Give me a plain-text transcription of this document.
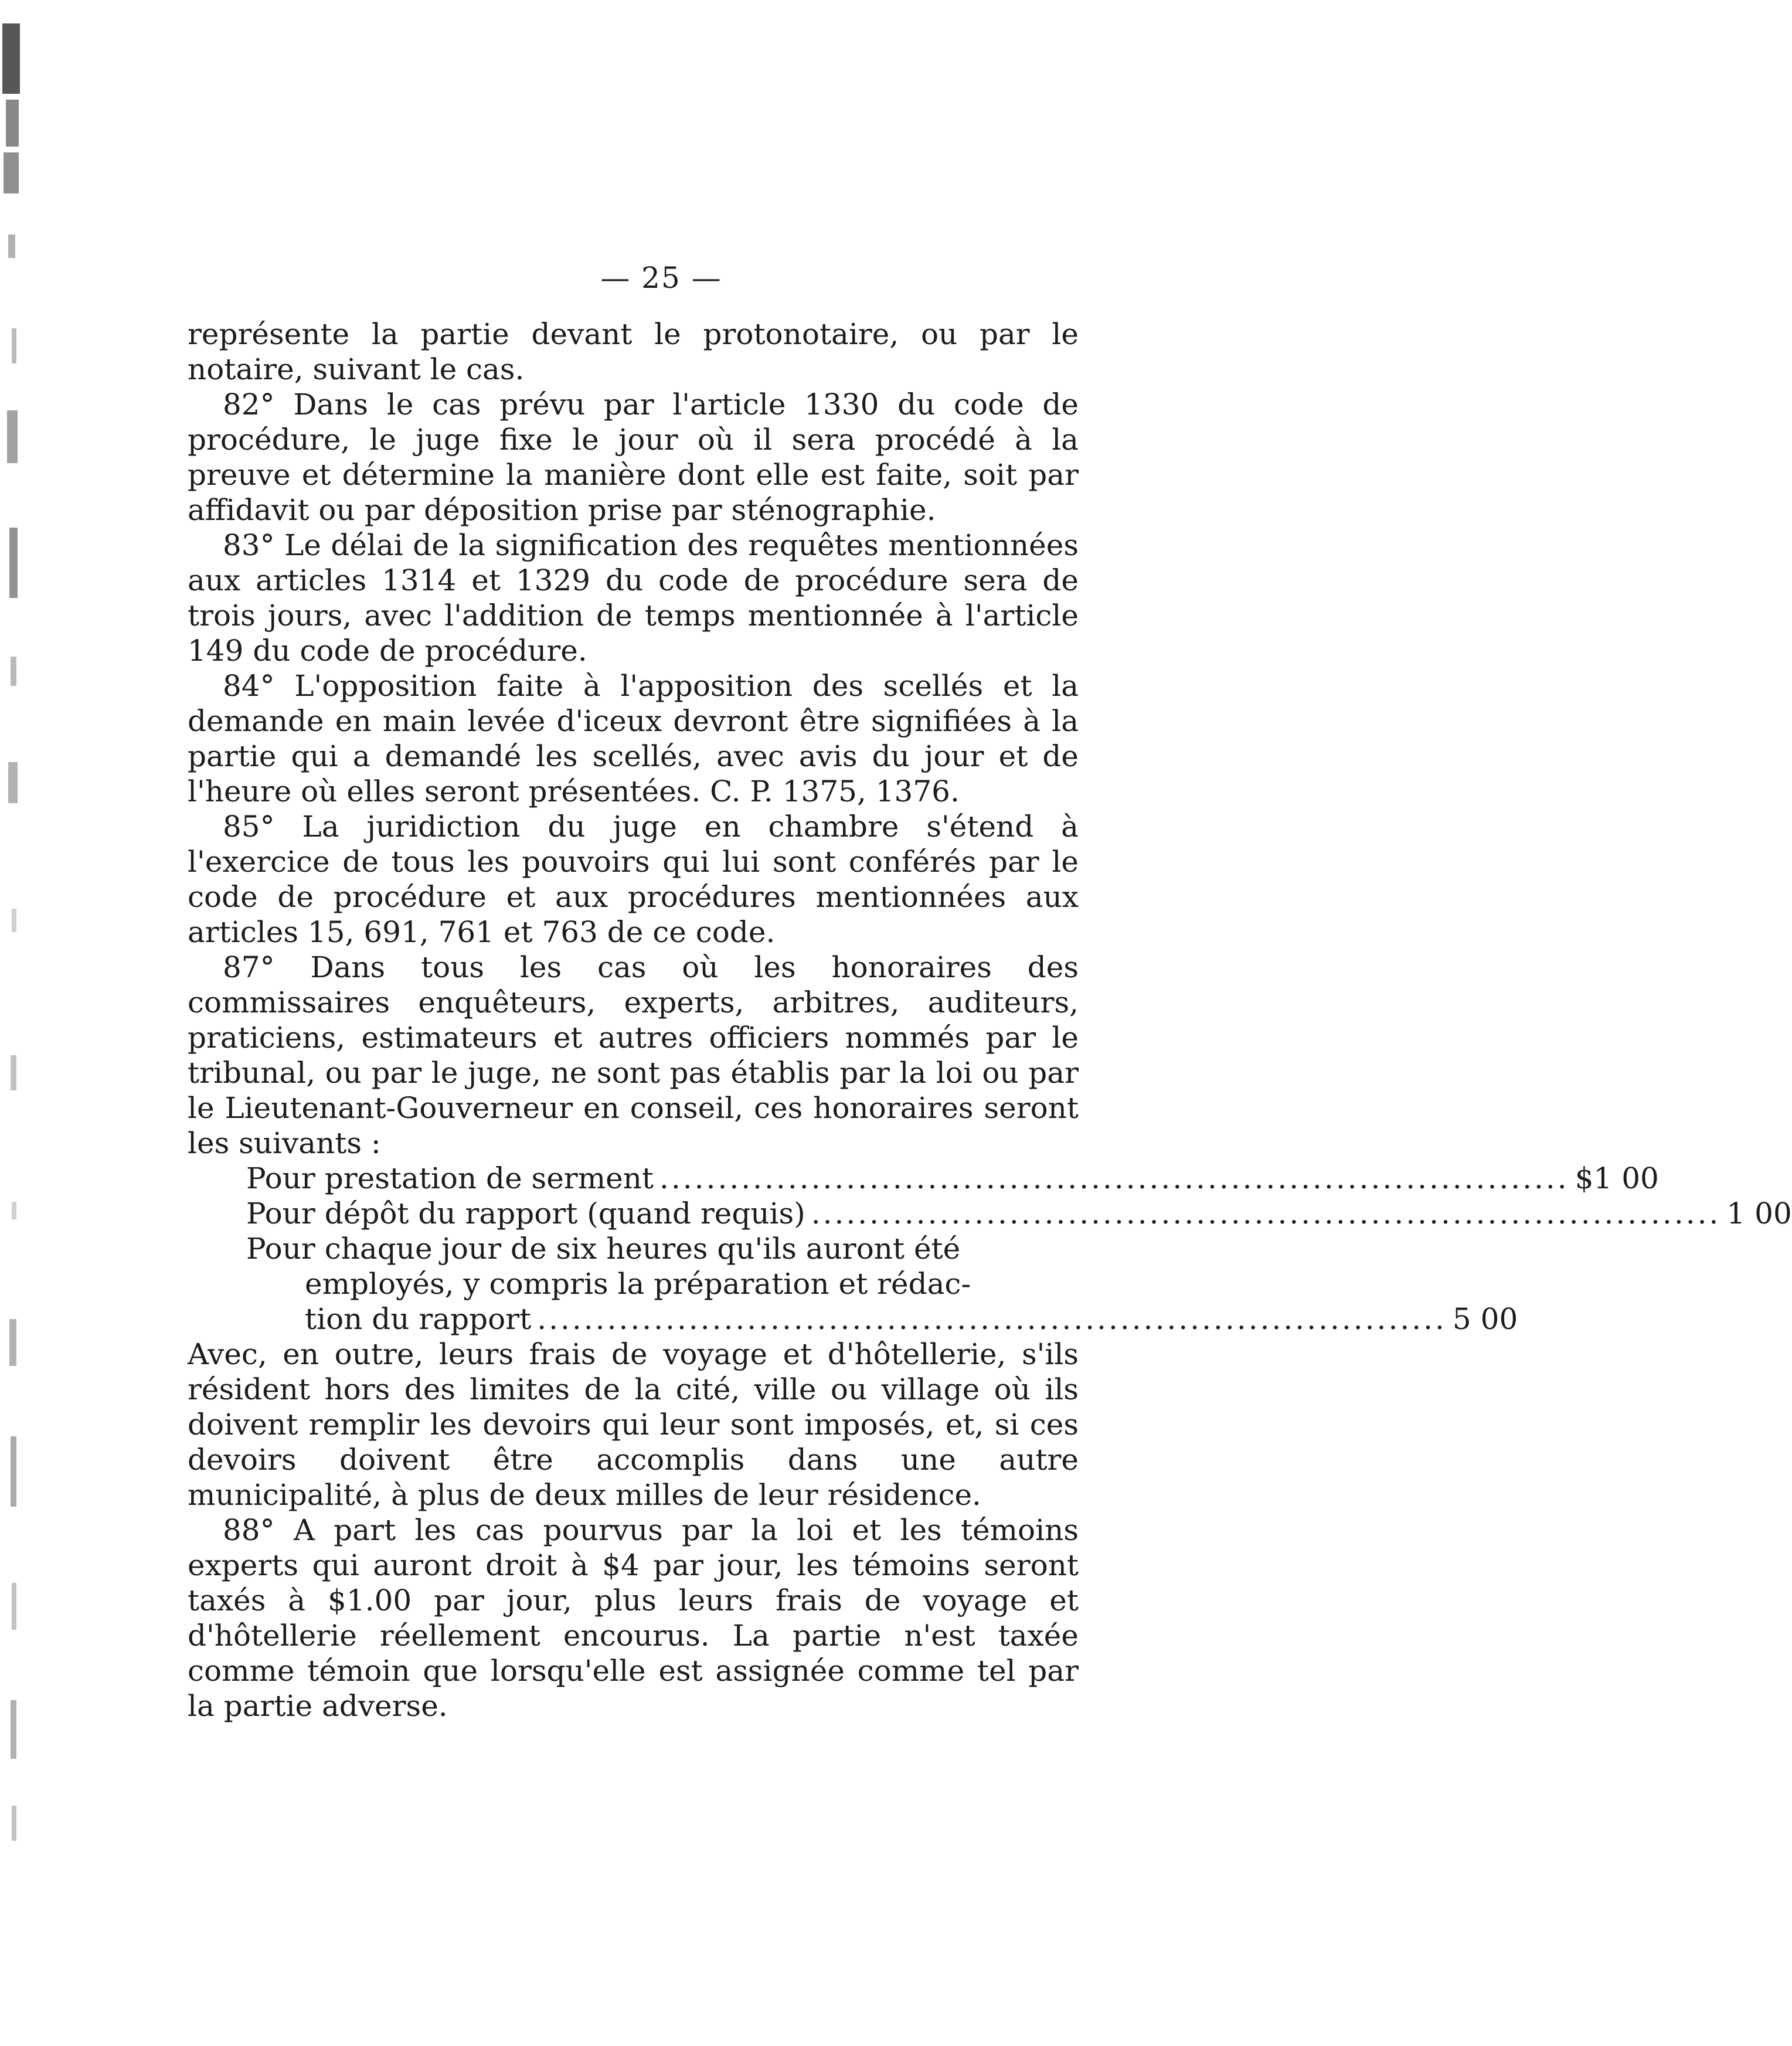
— 25 —

représente la partie devant le protonotaire, ou par le notaire, suivant le cas.

82° Dans le cas prévu par l'article 1330 du code de procédure, le juge fixe le jour où il sera procédé à la preuve et détermine la manière dont elle est faite, soit par affidavit ou par déposition prise par sténographie.

83° Le délai de la signification des requêtes mentionnées aux articles 1314 et 1329 du code de procédure sera de trois jours, avec l'addition de temps mentionnée à l'article 149 du code de procédure.

84° L'opposition faite à l'apposition des scellés et la demande en main levée d'iceux devront être signifiées à la partie qui a demandé les scellés, avec avis du jour et de l'heure où elles seront présentées. C. P. 1375, 1376.

85° La juridiction du juge en chambre s'étend à l'exercice de tous les pouvoirs qui lui sont conférés par le code de procédure et aux procédures mentionnées aux articles 15, 691, 761 et 763 de ce code.

87° Dans tous les cas où les honoraires des commissaires enquêteurs, experts, arbitres, auditeurs, praticiens, estimateurs et autres officiers nommés par le tribunal, ou par le juge, ne sont pas établis par la loi ou par le Lieutenant-Gouverneur en conseil, ces honoraires seront les suivants :

Pour prestation de serment .............................................................................. $1 00
Pour dépôt du rapport (quand requis) .............................................................................. 1 00
Pour chaque jour de six heures qu'ils auront été
employés, y compris la préparation et rédac-
tion du rapport .............................................................................. 5 00

Avec, en outre, leurs frais de voyage et d'hôtellerie, s'ils résident hors des limites de la cité, ville ou village où ils doivent remplir les devoirs qui leur sont imposés, et, si ces devoirs doivent être accomplis dans une autre municipalité, à plus de deux milles de leur résidence.

88° A part les cas pourvus par la loi et les témoins experts qui auront droit à $4 par jour, les témoins seront taxés à $1.00 par jour, plus leurs frais de voyage et d'hôtellerie réellement encourus. La partie n'est taxée comme témoin que lorsqu'elle est assignée comme tel par la partie adverse.
